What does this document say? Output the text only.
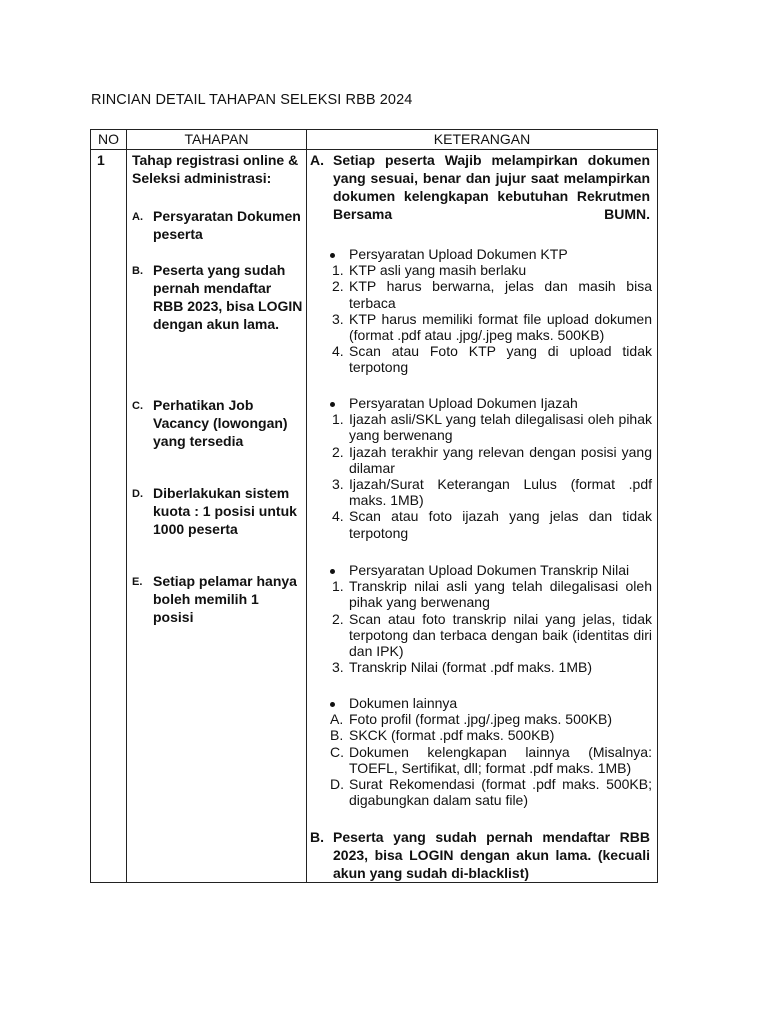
RINCIAN DETAIL TAHAPAN SELEKSI RBB 2024
NO	TAHAPAN	KETERANGAN
1 Tahap registrasi online & Seleksi administrasi:
A. Persyaratan Dokumen peserta
B. Peserta yang sudah pernah mendaftar RBB 2023, bisa LOGIN dengan akun lama.
C. Perhatikan Job Vacancy (lowongan) yang tersedia
D. Diberlakukan sistem kuota : 1 posisi untuk 1000 peserta
E. Setiap pelamar hanya boleh memilih 1 posisi
A. Setiap peserta Wajib melampirkan dokumen yang sesuai, benar dan jujur saat melampirkan dokumen kelengkapan kebutuhan Rekrutmen Bersama BUMN.
Persyaratan Upload Dokumen KTP
1. KTP asli yang masih berlaku
2. KTP harus berwarna, jelas dan masih bisa terbaca
3. KTP harus memiliki format file upload dokumen (format .pdf atau .jpg/.jpeg maks. 500KB)
4. Scan atau Foto KTP yang di upload tidak terpotong
Persyaratan Upload Dokumen Ijazah
1. Ijazah asli/SKL yang telah dilegalisasi oleh pihak yang berwenang
2. Ijazah terakhir yang relevan dengan posisi yang dilamar
3. Ijazah/Surat Keterangan Lulus (format .pdf maks. 1MB)
4. Scan atau foto ijazah yang jelas dan tidak terpotong
Persyaratan Upload Dokumen Transkrip Nilai
1. Transkrip nilai asli yang telah dilegalisasi oleh pihak yang berwenang
2. Scan atau foto transkrip nilai yang jelas, tidak terpotong dan terbaca dengan baik (identitas diri dan IPK)
3. Transkrip Nilai (format .pdf maks. 1MB)
Dokumen lainnya
A. Foto profil (format .jpg/.jpeg maks. 500KB)
B. SKCK (format .pdf maks. 500KB)
C. Dokumen kelengkapan lainnya (Misalnya: TOEFL, Sertifikat, dll; format .pdf maks. 1MB)
D. Surat Rekomendasi (format .pdf maks. 500KB; digabungkan dalam satu file)
B. Peserta yang sudah pernah mendaftar RBB 2023, bisa LOGIN dengan akun lama. (kecuali akun yang sudah di-blacklist)
